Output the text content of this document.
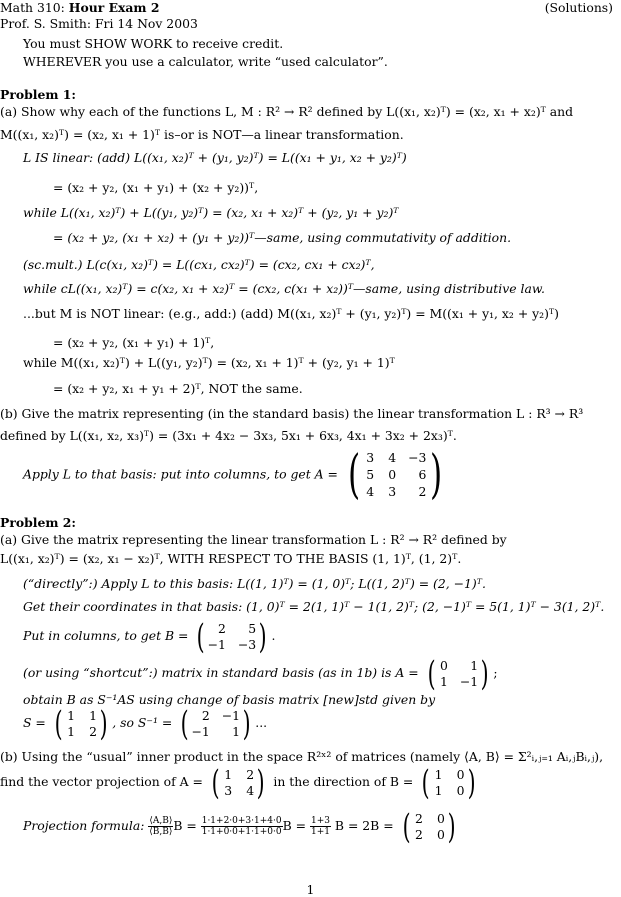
Math 310: Hour Exam 2	(Solutions)
Prof. S. Smith: Fri 14 Nov 2003
You must SHOW WORK to receive credit.
WHEREVER you use a calculator, write “used calculator”.
Problem 1:
(a) Show why each of the functions L, M : R² → R² defined by L((x₁, x₂)ᵀ) = (x₂, x₁ + x₂)ᵀ and
M((x₁, x₂)ᵀ) = (x₂, x₁ + 1)ᵀ is–or is NOT—a linear transformation.
L IS linear: (add) L((x₁, x₂)ᵀ + (y₁, y₂)ᵀ) = L((x₁ + y₁, x₂ + y₂)ᵀ)
= (x₂ + y₂, (x₁ + y₁) + (x₂ + y₂))ᵀ,
while L((x₁, x₂)ᵀ) + L((y₁, y₂)ᵀ) = (x₂, x₁ + x₂)ᵀ + (y₂, y₁ + y₂)ᵀ
= (x₂ + y₂, (x₁ + x₂) + (y₁ + y₂))ᵀ—same, using commutativity of addition.
(sc.mult.) L(c(x₁, x₂)ᵀ) = L((cx₁, cx₂)ᵀ) = (cx₂, cx₁ + cx₂)ᵀ,
while cL((x₁, x₂)ᵀ) = c(x₂, x₁ + x₂)ᵀ = (cx₂, c(x₁ + x₂))ᵀ—same, using distributive law.
...but M is NOT linear: (e.g., add:) (add) M((x₁, x₂)ᵀ + (y₁, y₂)ᵀ) = M((x₁ + y₁, x₂ + y₂)ᵀ)
= (x₂ + y₂, (x₁ + y₁) + 1)ᵀ,
while M((x₁, x₂)ᵀ) + L((y₁, y₂)ᵀ) = (x₂, x₁ + 1)ᵀ + (y₂, y₁ + 1)ᵀ
= (x₂ + y₂, x₁ + y₁ + 2)ᵀ, NOT the same.
(b) Give the matrix representing (in the standard basis) the linear transformation L : R³ → R³
defined by L((x₁, x₂, x₃)ᵀ) = (3x₁ + 4x₂ − 3x₃, 5x₁ + 6x₃, 4x₁ + 3x₂ + 2x₃)ᵀ.
Apply L to that basis: put into columns, to get A = ( 3 4 −3
5 0	6
4 3	2 )
Problem 2:
(a) Give the matrix representing the linear transformation L : R² → R² defined by
L((x₁, x₂)ᵀ) = (x₂, x₁ − x₂)ᵀ, WITH RESPECT TO THE BASIS (1, 1)ᵀ, (1, 2)ᵀ.
(“directly”:) Apply L to this basis: L((1, 1)ᵀ) = (1, 0)ᵀ; L((1, 2)ᵀ) = (2, −1)ᵀ.
Get their coordinates in that basis: (1, 0)ᵀ = 2(1, 1)ᵀ − 1(1, 2)ᵀ; (2, −1)ᵀ = 5(1, 1)ᵀ − 3(1, 2)ᵀ.
Put in columns, to get B = (	2	5
−1 −3 ) .
(or using “shortcut”:) matrix in standard basis (as in 1b) is A = ( 0	1
1 −1 ) ;
obtain B as S⁻¹AS using change of basis matrix [new]std given by
S = ( 1 1
1 2 ) , so S⁻¹ = (	2 −1
−1	1 ) ...
(b) Using the “usual” inner product in the space R²ˣ² of matrices (namely ⟨A, B⟩ = Σ²ᵢ,ⱼ₌₁ Aᵢ,ⱼBᵢ,ⱼ),
find the vector projection of A = ( 1 2
3 4 ) in the direction of B = ( 1 0
1 0 )
Projection formula: $\frac{⟨A,B⟩}{⟨B,B⟩}$ $B = \frac{1\cdot 1+2\cdot 0+3\cdot 1+4\cdot 0}{1\cdot 1+0\cdot 0+1\cdot 1+0\cdot 0}$ $B = \frac{1+3}{1+1}$ B = 2B = ( 2 0
2 0 )
1
